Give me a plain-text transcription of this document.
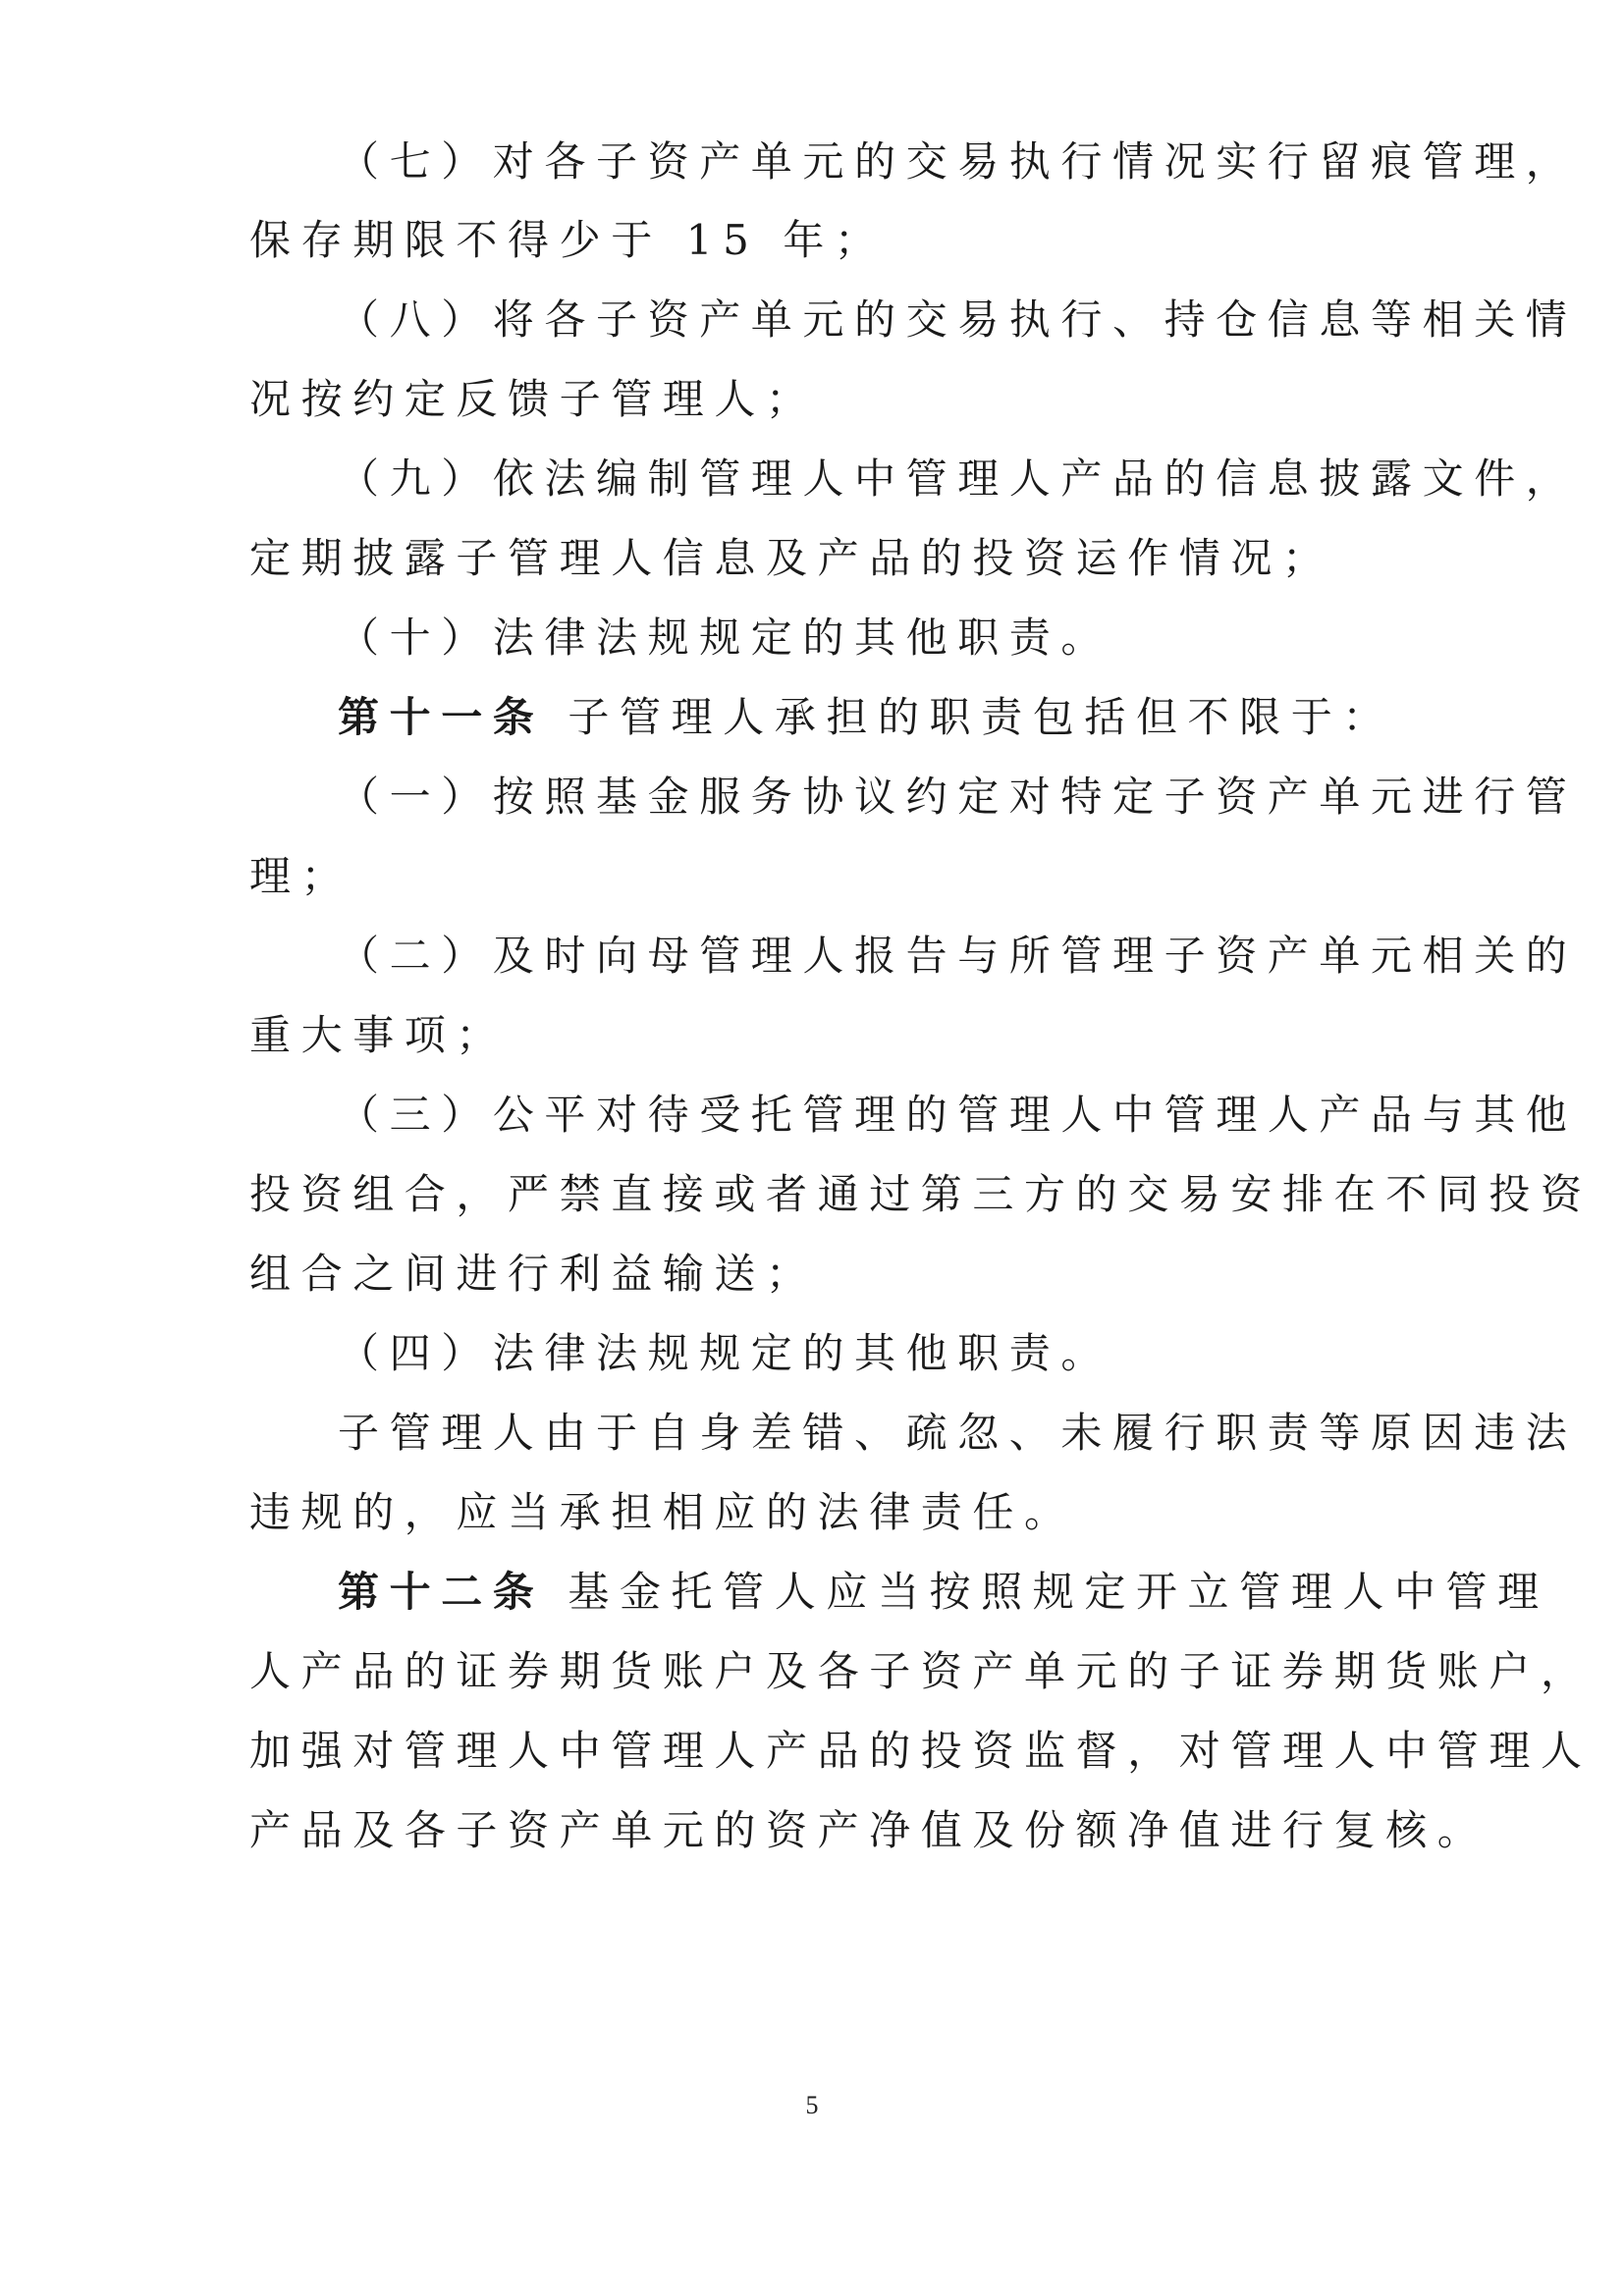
（七）对各子资产单元的交易执行情况实行留痕管理，
保存期限不得少于 15 年；
（八）将各子资产单元的交易执行、持仓信息等相关情
况按约定反馈子管理人；
（九）依法编制管理人中管理人产品的信息披露文件，
定期披露子管理人信息及产品的投资运作情况；
（十）法律法规规定的其他职责。
第十一条 子管理人承担的职责包括但不限于：
（一）按照基金服务协议约定对特定子资产单元进行管
理；
（二）及时向母管理人报告与所管理子资产单元相关的
重大事项；
（三）公平对待受托管理的管理人中管理人产品与其他
投资组合，严禁直接或者通过第三方的交易安排在不同投资
组合之间进行利益输送；
（四）法律法规规定的其他职责。
子管理人由于自身差错、疏忽、未履行职责等原因违法
违规的，应当承担相应的法律责任。
第十二条 基金托管人应当按照规定开立管理人中管理
人产品的证券期货账户及各子资产单元的子证券期货账户，
加强对管理人中管理人产品的投资监督，对管理人中管理人
产品及各子资产单元的资产净值及份额净值进行复核。
5
